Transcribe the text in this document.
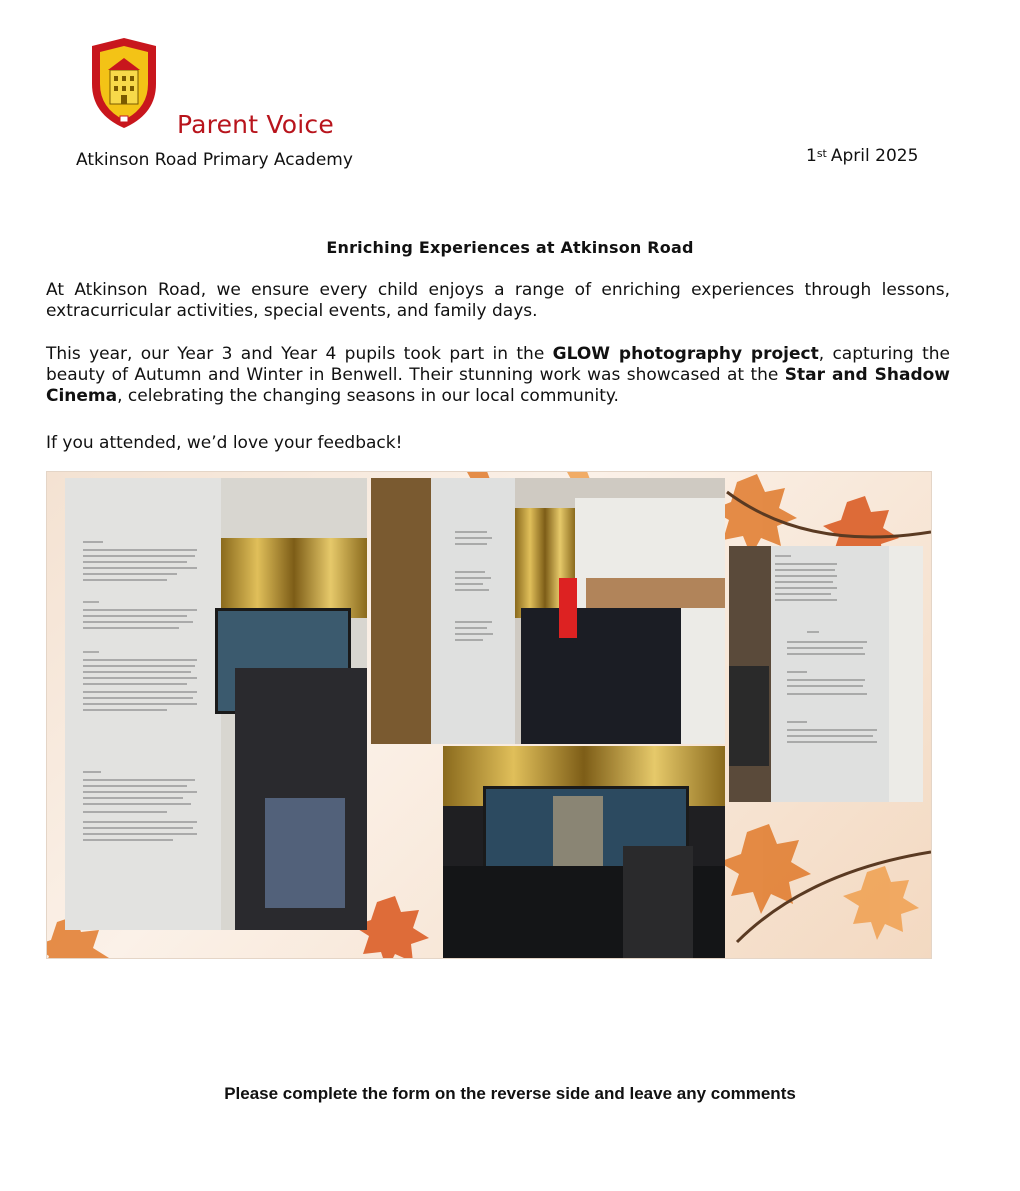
Parent Voice
Atkinson Road Primary Academy	1st April 2025
Enriching Experiences at Atkinson Road

At Atkinson Road, we ensure every child enjoys a range of enriching experiences through lessons, extracurricular activities, special events, and family days.

This year, our Year 3 and Year 4 pupils took part in the GLOW photography project, capturing the beauty of Autumn and Winter in Benwell. Their stunning work was showcased at the Star and Shadow Cinema, celebrating the changing seasons in our local community.

If you attended, we’d love your feedback!

Please complete the form on the reverse side and leave any comments
